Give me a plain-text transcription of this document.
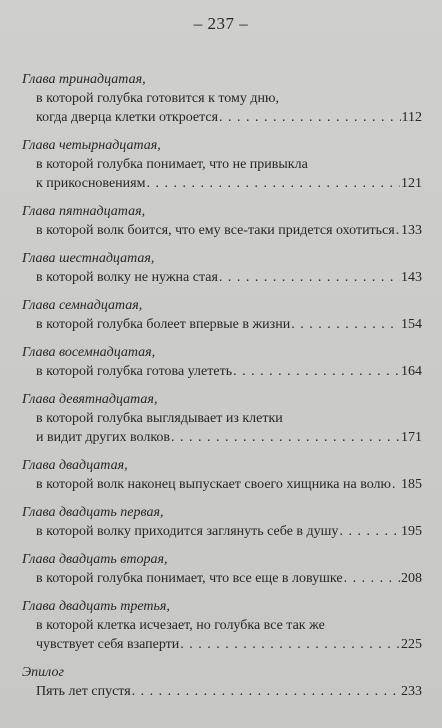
– 237 –
Глава тринадцатая,
в которой голубка готовится к тому дню,
когда дверца клетки откроется . . .	112
Глава четырнадцатая,
в которой голубка понимает, что не привыкла
к прикосновениям . . .	121
Глава пятнадцатая,
в которой волк боится, что ему все-таки придется охотиться . . . 133
Глава шестнадцатая,
в которой волку не нужна стая . . .	143
Глава семнадцатая,
в которой голубка болеет впервые в жизни . . .	154
Глава восемнадцатая,
в которой голубка готова улететь . . .	164
Глава девятнадцатая,
в которой голубка выглядывает из клетки
и видит других волков . . .	171
Глава двадцатая,
в которой волк наконец выпускает своего хищника на волю . . . 185
Глава двадцать первая,
в которой волку приходится заглянуть себе в душу . . .	195
Глава двадцать вторая,
в которой голубка понимает, что все еще в ловушке . . .	208
Глава двадцать третья,
в которой клетка исчезает, но голубка все так же
чувствует себя взаперти . . .	225
Эпилог
Пять лет спустя . . .	233
